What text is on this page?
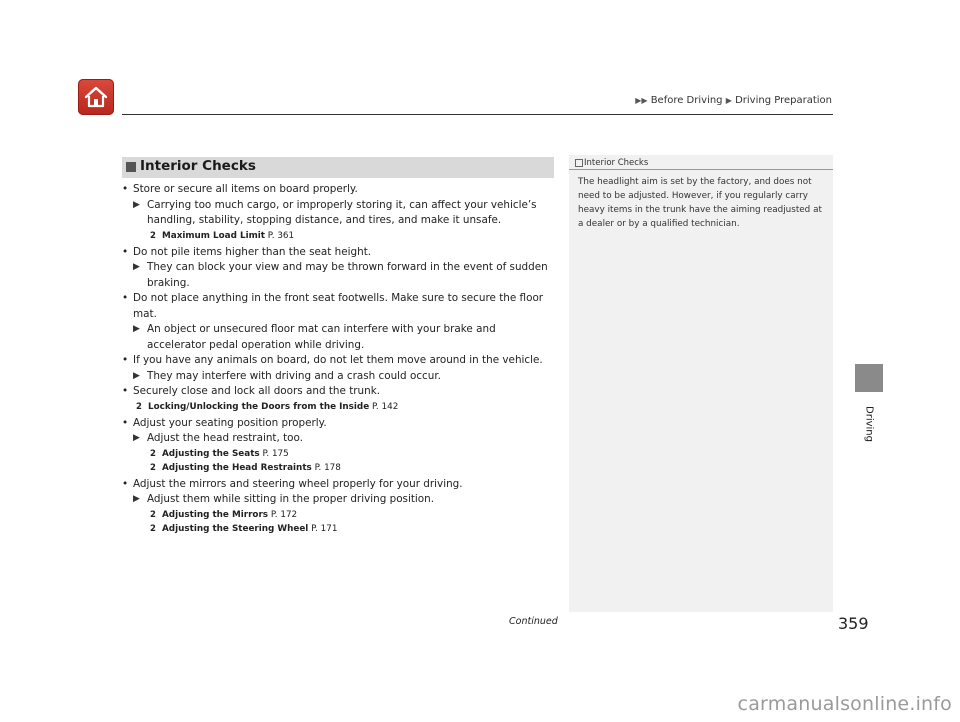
▶▶ Before Driving ▶ Driving Preparation
Driving
Interior Checks
• Store or secure all items on board properly.
▶ Carrying too much cargo, or improperly storing it, can affect your vehicle’s handling, stability, stopping distance, and tires, and make it unsafe.
2 Maximum Load Limit P. 361
• Do not pile items higher than the seat height.
▶ They can block your view and may be thrown forward in the event of sudden braking.
• Do not place anything in the front seat footwells. Make sure to secure the floor mat.
▶ An object or unsecured floor mat can interfere with your brake and accelerator pedal operation while driving.
• If you have any animals on board, do not let them move around in the vehicle.
▶ They may interfere with driving and a crash could occur.
• Securely close and lock all doors and the trunk.
2 Locking/Unlocking the Doors from the Inside P. 142
• Adjust your seating position properly.
▶ Adjust the head restraint, too.
2 Adjusting the Seats P. 175
2 Adjusting the Head Restraints P. 178
• Adjust the mirrors and steering wheel properly for your driving.
▶ Adjust them while sitting in the proper driving position.
2 Adjusting the Mirrors P. 172
2 Adjusting the Steering Wheel P. 171
Interior Checks
The headlight aim is set by the factory, and does not need to be adjusted. However, if you regularly carry heavy items in the trunk have the aiming readjusted at a dealer or by a qualified technician.
Continued	359
carmanualsonline.info
